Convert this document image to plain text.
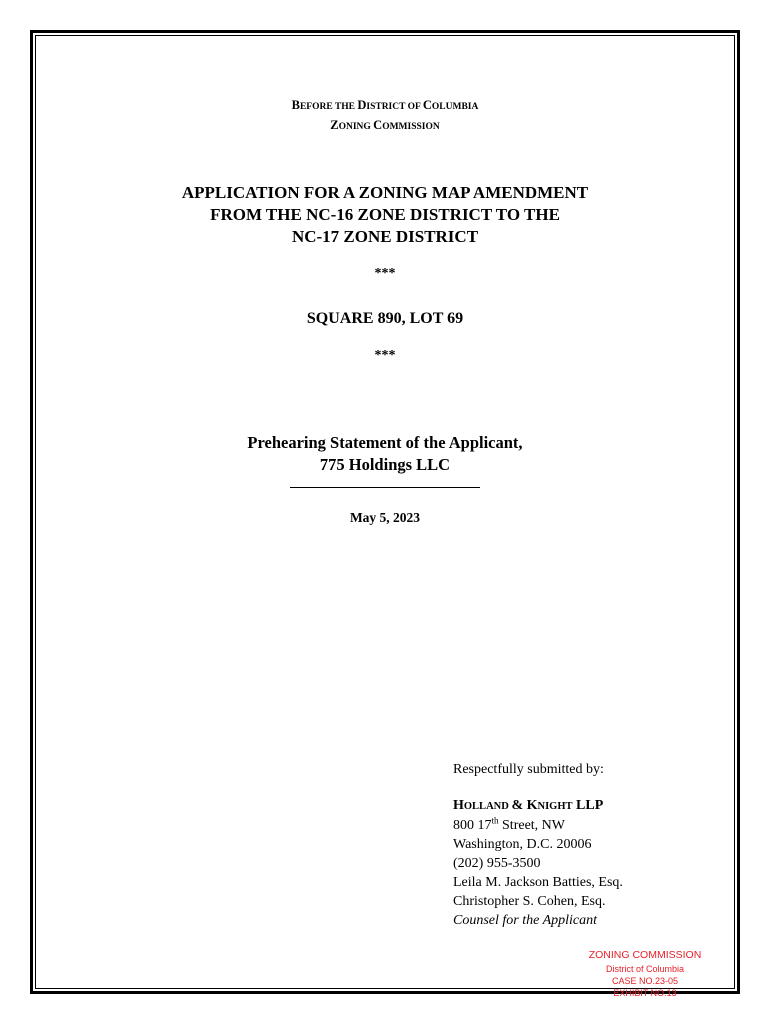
BEFORE THE DISTRICT OF COLUMBIA
ZONING COMMISSION
APPLICATION FOR A ZONING MAP AMENDMENT
FROM THE NC-16 ZONE DISTRICT TO THE
NC-17 ZONE DISTRICT
***
SQUARE 890, LOT 69
***
Prehearing Statement of the Applicant,
775 Holdings LLC
May 5, 2023
Respectfully submitted by:
HOLLAND & KNIGHT LLP
800 17th Street, NW
Washington, D.C. 20006
(202) 955-3500
Leila M. Jackson Batties, Esq.
Christopher S. Cohen, Esq.
Counsel for the Applicant
ZONING COMMISSION
District of Columbia
CASE NO.23-05
EXHIBIT NO.13
